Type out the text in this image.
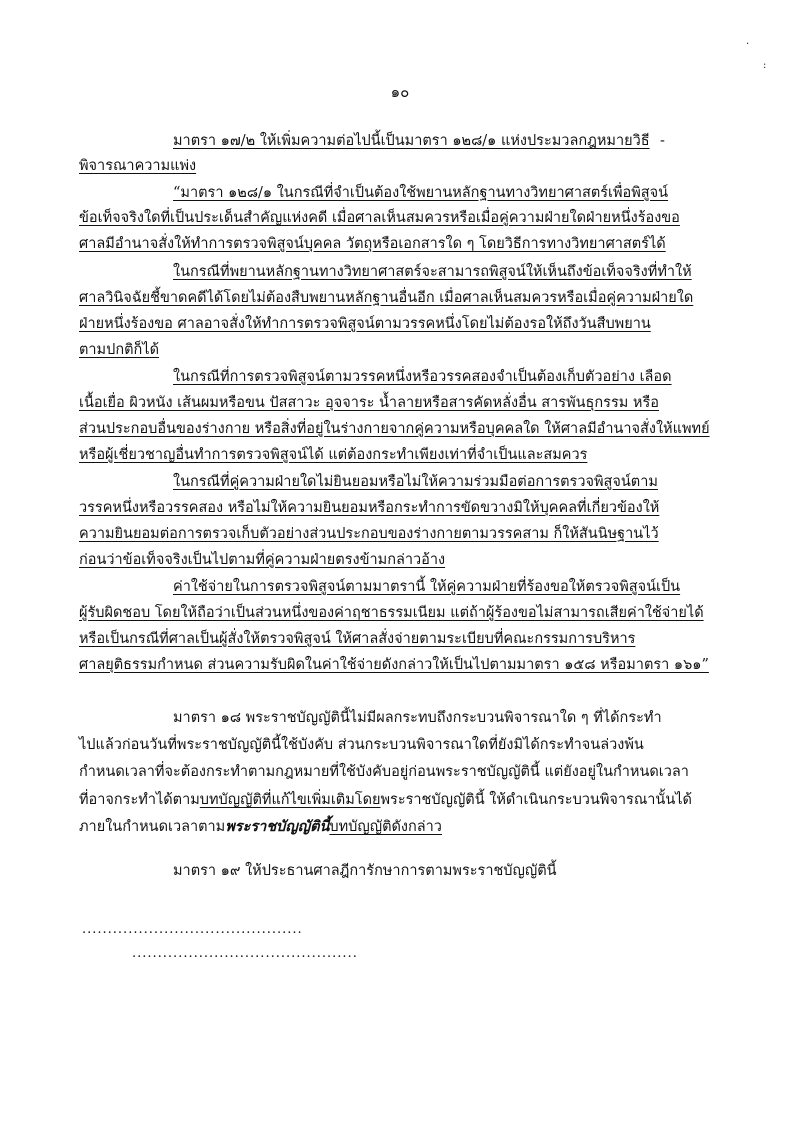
.
:
๑๐
มาตรา ๑๗/๒ ให้เพิ่มความต่อไปนี้เป็นมาตรา ๑๒๘/๑ แห่งประมวลกฎหมายวิธี -
พิจารณาความแพ่ง
“มาตรา ๑๒๘/๑ ในกรณีที่จำเป็นต้องใช้พยานหลักฐานทางวิทยาศาสตร์เพื่อพิสูจน์
ข้อเท็จจริงใดที่เป็นประเด็นสำคัญแห่งคดี เมื่อศาลเห็นสมควรหรือเมื่อคู่ความฝ่ายใดฝ่ายหนึ่งร้องขอ
ศาลมีอำนาจสั่งให้ทำการตรวจพิสูจน์บุคคล วัตถุหรือเอกสารใด ๆ โดยวิธีการทางวิทยาศาสตร์ได้
ในกรณีที่พยานหลักฐานทางวิทยาศาสตร์จะสามารถพิสูจน์ให้เห็นถึงข้อเท็จจริงที่ทำให้
ศาลวินิจฉัยชี้ขาดคดีได้โดยไม่ต้องสืบพยานหลักฐานอื่นอีก เมื่อศาลเห็นสมควรหรือเมื่อคู่ความฝ่ายใด
ฝ่ายหนึ่งร้องขอ ศาลอาจสั่งให้ทำการตรวจพิสูจน์ตามวรรคหนึ่งโดยไม่ต้องรอให้ถึงวันสืบพยาน
ตามปกติก็ได้
ในกรณีที่การตรวจพิสูจน์ตามวรรคหนึ่งหรือวรรคสองจำเป็นต้องเก็บตัวอย่าง เลือด
เนื้อเยื่อ ผิวหนัง เส้นผมหรือขน ปัสสาวะ อุจจาระ น้ำลายหรือสารคัดหลั่งอื่น สารพันธุกรรม หรือ
ส่วนประกอบอื่นของร่างกาย หรือสิ่งที่อยู่ในร่างกายจากคู่ความหรือบุคคลใด ให้ศาลมีอำนาจสั่งให้แพทย์
หรือผู้เชี่ยวชาญอื่นทำการตรวจพิสูจน์ได้ แต่ต้องกระทำเพียงเท่าที่จำเป็นและสมควร
ในกรณีที่คู่ความฝ่ายใดไม่ยินยอมหรือไม่ให้ความร่วมมือต่อการตรวจพิสูจน์ตาม
วรรคหนึ่งหรือวรรคสอง หรือไม่ให้ความยินยอมหรือกระทำการขัดขวางมิให้บุคคลที่เกี่ยวข้องให้
ความยินยอมต่อการตรวจเก็บตัวอย่างส่วนประกอบของร่างกายตามวรรคสาม ก็ให้สันนิษฐานไว้
ก่อนว่าข้อเท็จจริงเป็นไปตามที่คู่ความฝ่ายตรงข้ามกล่าวอ้าง
ค่าใช้จ่ายในการตรวจพิสูจน์ตามมาตรานี้ ให้คู่ความฝ่ายที่ร้องขอให้ตรวจพิสูจน์เป็น
ผู้รับผิดชอบ โดยให้ถือว่าเป็นส่วนหนึ่งของค่าฤชาธรรมเนียม แต่ถ้าผู้ร้องขอไม่สามารถเสียค่าใช้จ่ายได้
หรือเป็นกรณีที่ศาลเป็นผู้สั่งให้ตรวจพิสูจน์ ให้ศาลสั่งจ่ายตามระเบียบที่คณะกรรมการบริหาร
ศาลยุติธรรมกำหนด ส่วนความรับผิดในค่าใช้จ่ายดังกล่าวให้เป็นไปตามมาตรา ๑๕๘ หรือมาตรา ๑๖๑”
มาตรา ๑๘ พระราชบัญญัตินี้ไม่มีผลกระทบถึงกระบวนพิจารณาใด ๆ ที่ได้กระทำ
ไปแล้วก่อนวันที่พระราชบัญญัตินี้ใช้บังคับ ส่วนกระบวนพิจารณาใดที่ยังมิได้กระทำจนล่วงพ้น
กำหนดเวลาที่จะต้องกระทำตามกฎหมายที่ใช้บังคับอยู่ก่อนพระราชบัญญัตินี้ แต่ยังอยู่ในกำหนดเวลา
ที่อาจกระทำได้ตามบทบัญญัติที่แก้ไขเพิ่มเติมโดยพระราชบัญญัตินี้ ให้ดำเนินกระบวนพิจารณานั้นได้
ภายในกำหนดเวลาตามพระราชบัญญัตินี้บทบัญญัติดังกล่าว
มาตรา ๑๙ ให้ประธานศาลฎีการักษาการตามพระราชบัญญัตินี้
...........................................
............................................
